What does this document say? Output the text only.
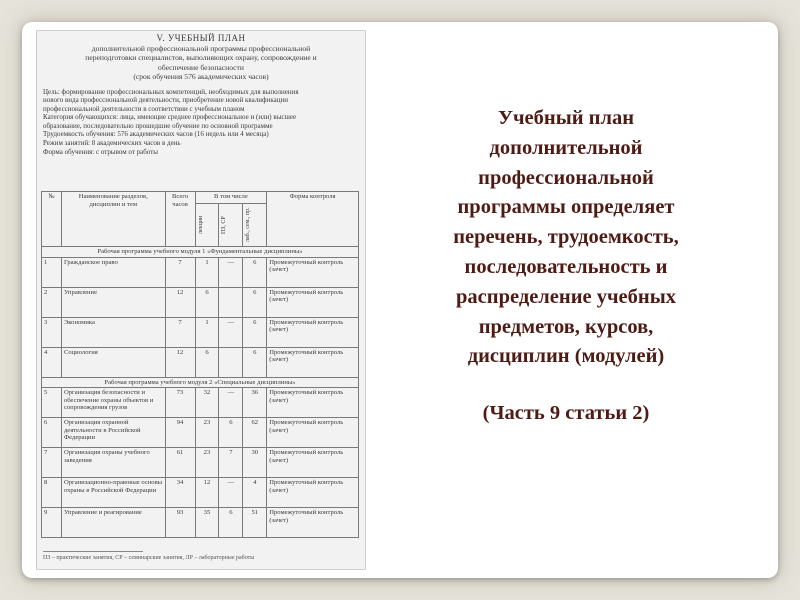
V. УЧЕБНЫЙ ПЛАН
дополнительной профессиональной программы профессиональной
переподготовки специалистов, выполняющих охрану, сопровождение и
обеспечение безопасности
(срок обучения 576 академических часов)
Цель: формирование профессиональных компетенций, необходимых для выполнения
нового вида профессиональной деятельности, приобретение новой квалификации
профессиональной деятельности в соответствии с учебным планом
Категория обучающихся: лица, имеющие среднее профессиональное и (или) высшее
образование, последовательно прошедшие обучение по основной программе
Трудоемкость обучения: 576 академических часов (16 недель или 4 месяца)
Режим занятий: 8 академических часов в день
Форма обучения: с отрывом от работы
№	Наименование разделов, дисциплин и тем	Всего часов	В том числе			Форма контроля

			лекции	ПЗ, СР	лаб., сем., пр.	

Рабочая программа учебного модуля 1 «Фундаментальные дисциплины»						
1	Гражданское право	7	1	—	6	Промежуточный контроль (зачет)
2	Управление	12	6		6	Промежуточный контроль (зачет)
3	Экономика	7	1	—	6	Промежуточный контроль (зачет)
4	Социология	12	6		6	Промежуточный контроль (зачет)
Рабочая программа учебного модуля 2 «Специальные дисциплины»						
5	Организация безопасности и обеспечение охраны объектов и сопровождения грузов	73	32	—	36	Промежуточный контроль (зачет)
6	Организация охранной деятельности в Российской Федерации	94	23	6	62	Промежуточный контроль (зачет)
7	Организация охраны учебного заведения	61	23	7	30	Промежуточный контроль (зачет)
8	Организационно-правовые основы охраны в Российской Федерации	34	12	—	4	Промежуточный контроль (зачет)
9	Управление и реагирование	93	35	6	51	Промежуточный контроль (зачет)
ПЗ – практические занятия, СР – семинарские занятия, ЛР – лабораторные работы
Учебный план
дополнительной
профессиональной
программы определяет
перечень, трудоемкость,
последовательность и
распределение учебных
предметов, курсов,
дисциплин (модулей)
(Часть 9 статьи 2)
